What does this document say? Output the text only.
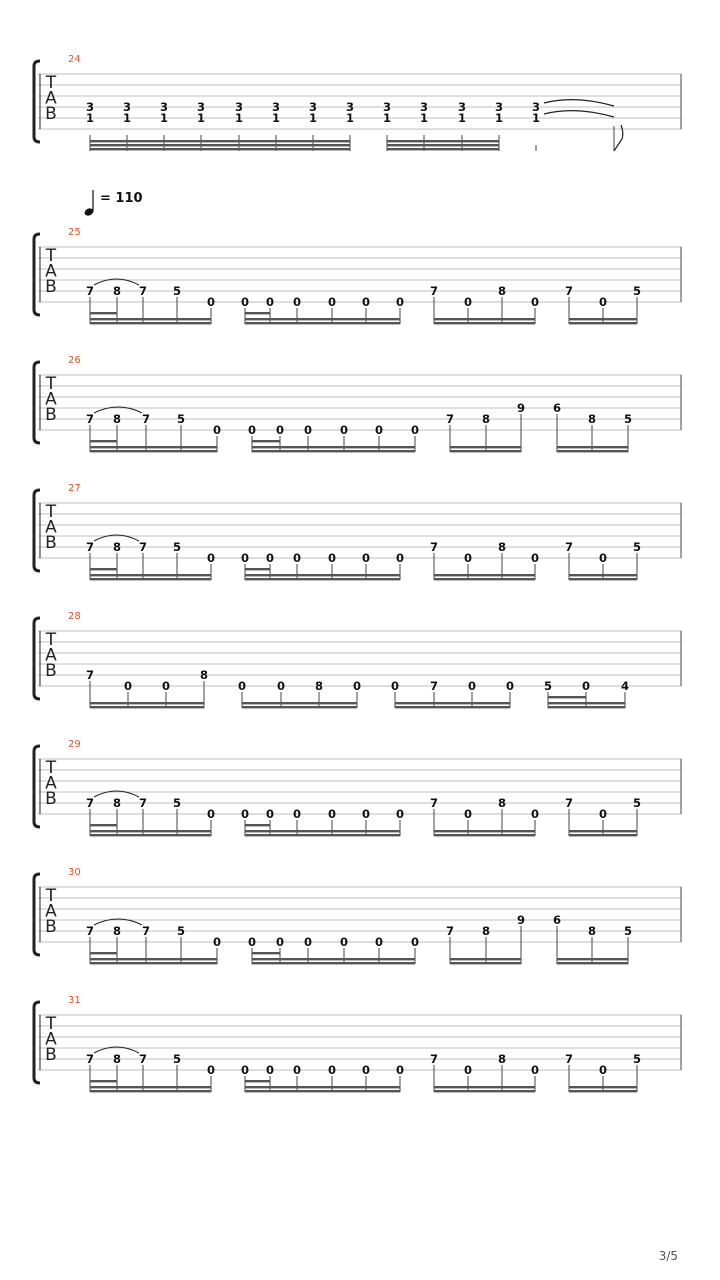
= 110
24
T
A
B	3
1
3
1
3
1
3
1
3
1
3
1
3
1
3
1
3
1
3
1
3
1
3
1
3
1
25
T
A
B	7 8 7 5
0 0 0 0 0 0 0
7
0
8
0
7
0
5
26
T
A
B	7 8 7 5
0 0 0 0 0 0 0
7 8
9 6
8 5
27
T
A
B	7 8 7 5
0 0 0 0 0 0 0
7
0
8
0
7
0
5
28
T
A
B	7
0	0
8
0	0	8	0	0	7	0	0	5	0	4
29
T
A
B	7 8 7 5
0 0 0 0 0 0 0
7
0
8
0
7
0
5
30
T
A
B	7 8 7 5
0 0 0 0 0 0 0
7 8
9 6
8 5
31
T
A
B	7 8 7 5
0 0 0 0 0 0 0
7
0
8
0
7
0
5
3/5
